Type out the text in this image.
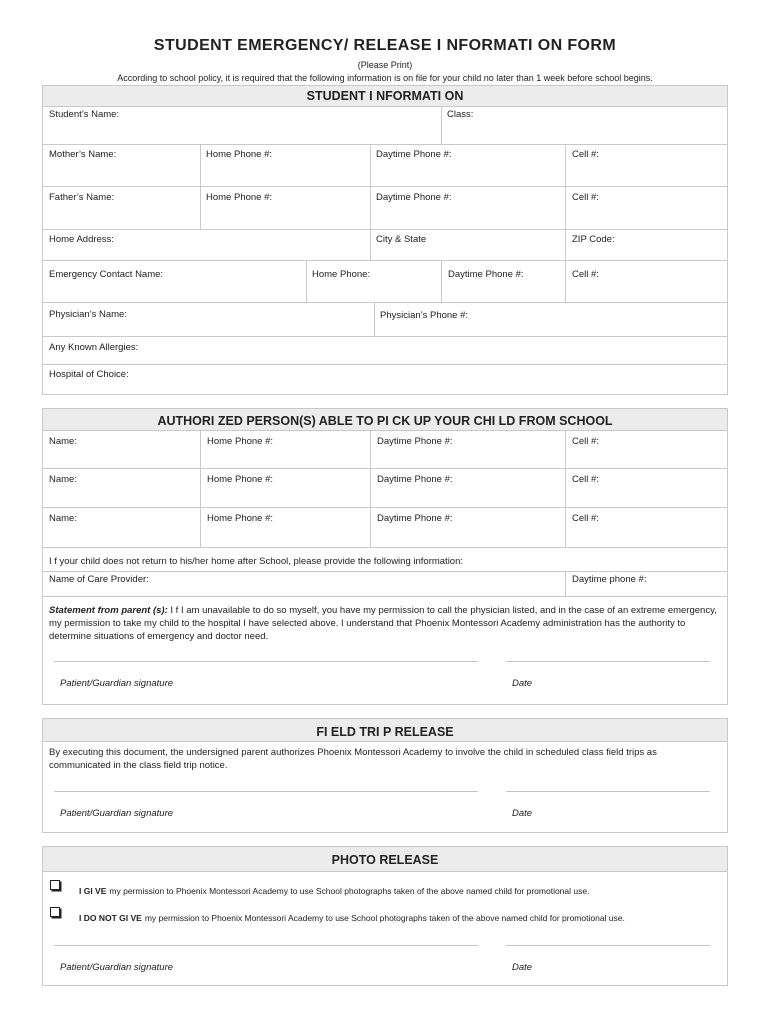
STUDENT EMERGENCY/ RELEASE I NFORMATI ON FORM
(Please Print)
According to school policy, it is required that the following information is on file for your child no later than 1 week before school begins.
STUDENT I NFORMATI ON
Student’s Name:	Class:
Mother’s Name:	Home Phone #:	Daytime Phone #:	Cell #:
Father’s Name:	Home Phone #:	Daytime Phone #:	Cell #:
Home Address:	City & State	ZIP Code:
Emergency Contact Name:	Home Phone:	Daytime Phone #:	Cell #:
Physician’s Name:	Physician’s Phone #:
Any Known Allergies:
Hospital of Choice:
AUTHORI ZED PERSON(S) ABLE TO PI CK UP YOUR CHI LD FROM SCHOOL
Name:	Home Phone #:	Daytime Phone #:	Cell #:
Name:	Home Phone #:	Daytime Phone #:	Cell #:
Name:	Home Phone #:	Daytime Phone #:	Cell #:
I f your child does not return to his/her home after School, please provide the following information:
Name of Care Provider:	Daytime phone #:
Statement from parent (s): I f I am unavailable to do so myself, you have my permission to call the physician listed, and in the case of an extreme emergency, my permission to take my child to the hospital I have selected above. I understand that Phoenix Montessori Academy administration has the authority to determine situations of emergency and doctor need.
Patient/Guardian signature	Date
FI ELD TRI P RELEASE
By executing this document, the undersigned parent authorizes Phoenix Montessori Academy to involve the child in scheduled class field trips as communicated in the class field trip notice.
Patient/Guardian signature	Date
PHOTO RELEASE
I GI VE my permission to Phoenix Montessori Academy to use School photographs taken of the above named child for promotional use.
I DO NOT GI VE my permission to Phoenix Montessori Academy to use School photographs taken of the above named child for promotional use.
Patient/Guardian signature	Date
